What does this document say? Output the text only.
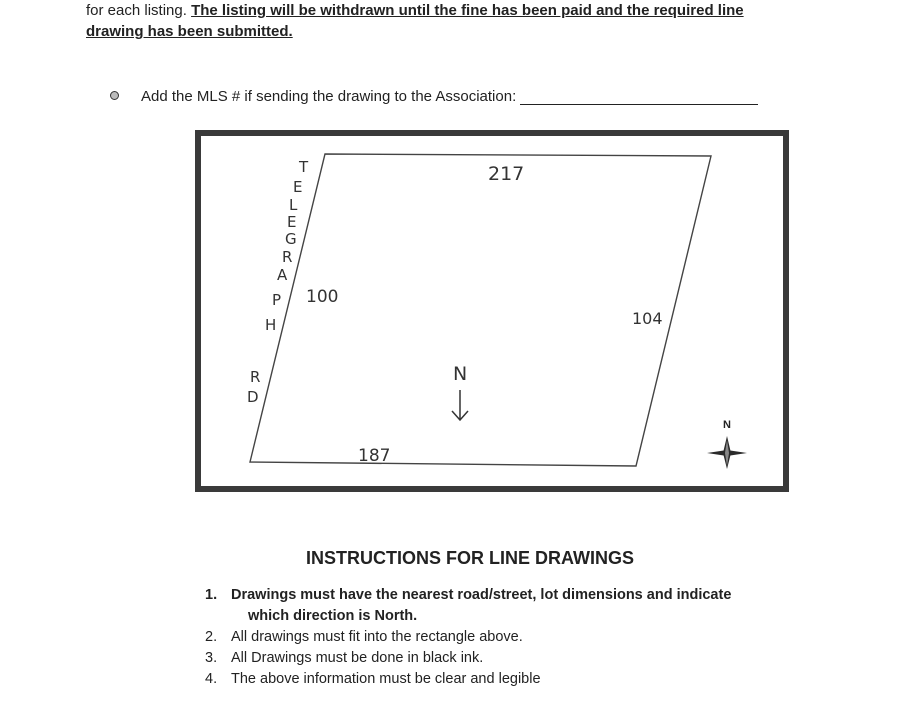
for each listing. The listing will be withdrawn until the fine has been paid and the required line drawing has been submitted.
Add the MLS # if sending the drawing to the Association:
T
E
L
E
G
R
A
P
H
R
D
217
100
104
187
N
N
INSTRUCTIONS FOR LINE DRAWINGS
1. Drawings must have the nearest road/street, lot dimensions and indicate
which direction is North.
2. All drawings must fit into the rectangle above.
3. All Drawings must be done in black ink.
4. The above information must be clear and legible
